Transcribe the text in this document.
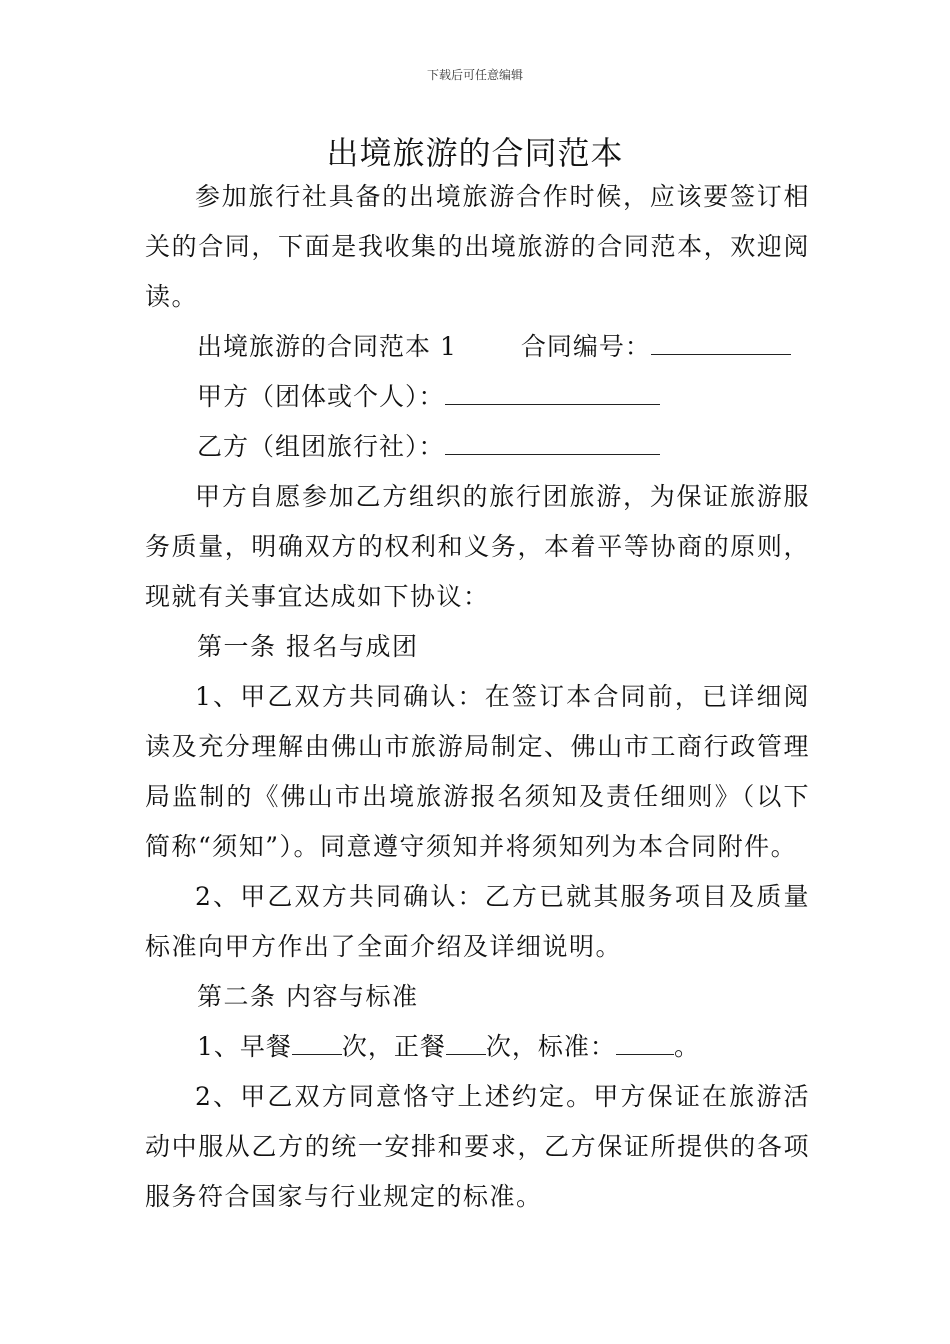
下载后可任意编辑
出境旅游的合同范本

参加旅行社具备的出境旅游合作时候，应该要签订相关的合同，下面是我收集的出境旅游的合同范本，欢迎阅读。

出境旅游的合同范本 1	合同编号：
甲方（团体或个人）：
乙方（组团旅行社）：

甲方自愿参加乙方组织的旅行团旅游，为保证旅游服务质量，明确双方的权利和义务，本着平等协商的原则，现就有关事宜达成如下协议：

第一条 报名与成团

1、甲乙双方共同确认：在签订本合同前，已详细阅读及充分理解由佛山市旅游局制定、佛山市工商行政管理局监制的《佛山市出境旅游报名须知及责任细则》（以下简称“须知”）。同意遵守须知并将须知列为本合同附件。

2、甲乙双方共同确认：乙方已就其服务项目及质量标准向甲方作出了全面介绍及详细说明。

第二条 内容与标准

1、早餐 次，正餐 次，标准： 。

2、甲乙双方同意恪守上述约定。甲方保证在旅游活动中服从乙方的统一安排和要求，乙方保证所提供的各项服务符合国家与行业规定的标准。
